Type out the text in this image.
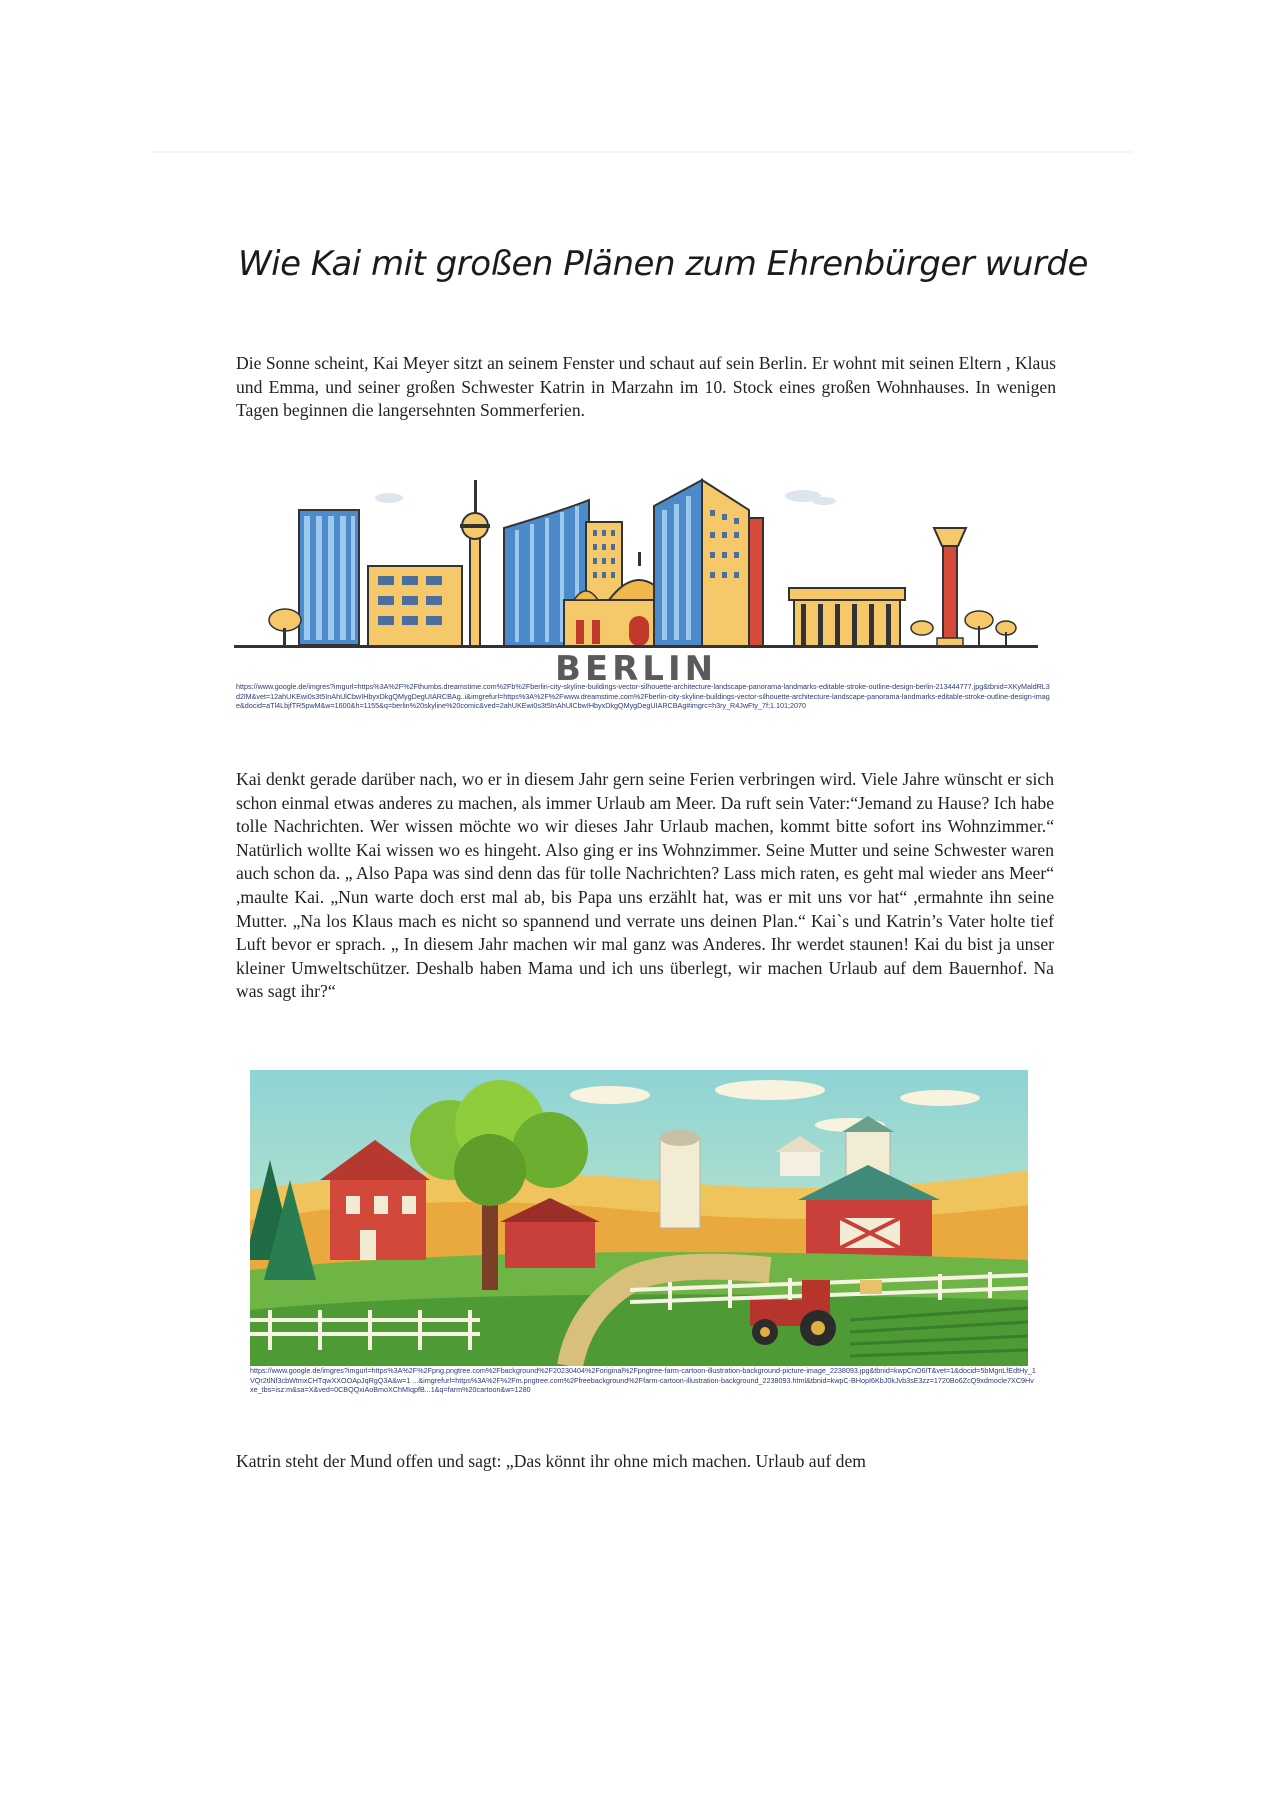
Wie Kai mit großen Plänen zum Ehrenbürger wurde

Die Sonne scheint, Kai Meyer sitzt an seinem Fenster und schaut auf sein Berlin. Er wohnt mit seinen Eltern , Klaus und Emma, und seiner großen Schwester Katrin in Marzahn im 10. Stock eines großen Wohnhauses. In wenigen Tagen beginnen die langersehnten Sommerferien.

BERLIN

https://www.google.de/imgres?imgurl=https%3A%2F%2Fthumbs.dreamstime.com%2Fb%2Fberlin-city-skyline-buildings-vector-silhouette-architecture-landscape-panorama-landmarks-editable-stroke-outline-design-berlin-213444777.jpg&tbnid=XKyMaldRL3d2lM&vet=12ahUKEwi0s3t5InAhUlCbwIHbyxDkgQMygDegUIARCBAg..i&imgrefurl=https%3A%2F%2Fwww.dreamstime.com%2Fberlin-city-skyline-buildings-vector-silhouette-architecture-landscape-panorama-landmarks-editable-stroke-outline-design-image&docid=aTl4LbjfTR5pwM&w=1600&h=1155&q=berlin%20skyline%20comic&ved=2ahUKEwi0s3t5InAhUlCbwIHbyxDkgQMygDegUIARCBAg#imgrc=h3ry_R4JwFty_7f;1.101;2070

Kai denkt gerade darüber nach, wo er in diesem Jahr gern seine Ferien verbringen wird. Viele Jahre wünscht er sich schon einmal etwas anderes zu machen, als immer Urlaub am Meer. Da ruft sein Vater:“Jemand zu Hause? Ich habe tolle Nachrichten. Wer wissen möchte wo wir dieses Jahr Urlaub machen, kommt bitte sofort ins Wohnzimmer.“ Natürlich wollte Kai wissen wo es hingeht. Also ging er ins Wohnzimmer. Seine Mutter und seine Schwester waren auch schon da. „ Also Papa was sind denn das für tolle Nachrichten? Lass mich raten, es geht mal wieder ans Meer“ ,maulte Kai. „Nun warte doch erst mal ab, bis Papa uns erzählt hat, was er mit uns vor hat“ ,ermahnte ihn seine Mutter. „Na los Klaus mach es nicht so spannend und verrate uns deinen Plan.“ Kai`s und Katrin’s Vater holte tief Luft bevor er sprach. „ In diesem Jahr machen wir mal ganz was Anderes. Ihr werdet staunen! Kai du bist ja unser kleiner Umweltschützer. Deshalb haben Mama und ich uns überlegt, wir machen Urlaub auf dem Bauernhof. Na was sagt ihr?“

https://www.google.de/imgres?imgurl=https%3A%2F%2Fpng.pngtree.com%2Fbackground%2F20230404%2Foriginal%2Fpngtree-farm-cartoon-illustration-background-picture-image_2238093.jpg&tbnid=kwpCnO6lT&vet=1&docid=5bMgnLfEdtHy_1VQr2tlNf3cbWtmxCHTqwXXOOApJqRgQ3A&w=1 ...&imgrefurl=https%3A%2F%2Fm.pngtree.com%2Ffreebackground%2Ffarm-cartoon-illustration-background_2238093.html&tbnid=kwpC-BHopI6KbJ0kJvb3sE3zz=1720Bo6ZcQ9xdmocle7XC9Hvxe_tbs=isz:m&sa=X&ved=0CBQQxiAoBmoXChMIqpfB...1&q=farm%20cartoon&w=1280

Katrin steht der Mund offen und sagt: „Das könnt ihr ohne mich machen. Urlaub auf dem
